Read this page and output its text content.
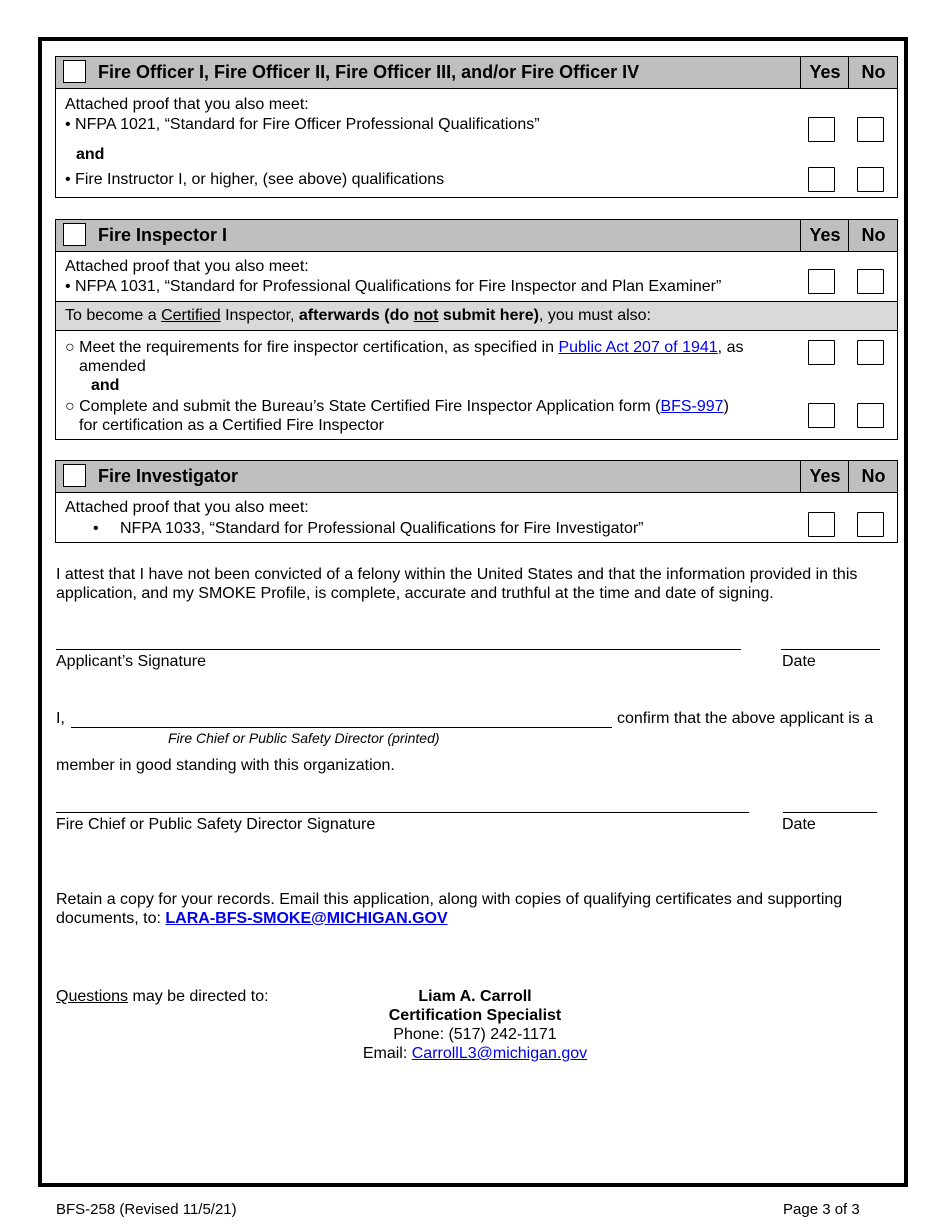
Fire Officer I, Fire Officer II, Fire Officer III, and/or Fire Officer IV	Yes	No
Attached proof that you also meet:
• NFPA 1021, “Standard for Fire Officer Professional Qualifications”
and
• Fire Instructor I, or higher, (see above) qualifications
Fire Inspector I	Yes	No
Attached proof that you also meet:
• NFPA 1031, “Standard for Professional Qualifications for Fire Inspector and Plan Examiner”
To become a Certified Inspector, afterwards (do not submit here), you must also:
○ Meet the requirements for fire inspector certification, as specified in Public Act 207 of 1941, as
amended
and
○ Complete and submit the Bureau’s State Certified Fire Inspector Application form (BFS-997)
for certification as a Certified Fire Inspector
Fire Investigator	Yes	No
Attached proof that you also meet:
• NFPA 1033, “Standard for Professional Qualifications for Fire Investigator”
I attest that I have not been convicted of a felony within the United States and that the information provided in this application, and my SMOKE Profile, is complete, accurate and truthful at the time and date of signing.
Applicant’s Signature	Date
I,	confirm that the above applicant is a
Fire Chief or Public Safety Director (printed)
member in good standing with this organization.
Fire Chief or Public Safety Director Signature	Date
Retain a copy for your records. Email this application, along with copies of qualifying certificates and supporting documents, to: LARA-BFS-SMOKE@MICHIGAN.GOV
Questions may be directed to:	Liam A. Carroll
Certification Specialist
Phone: (517) 242-1171
Email: CarrollL3@michigan.gov
BFS-258 (Revised 11/5/21)	Page 3 of 3
